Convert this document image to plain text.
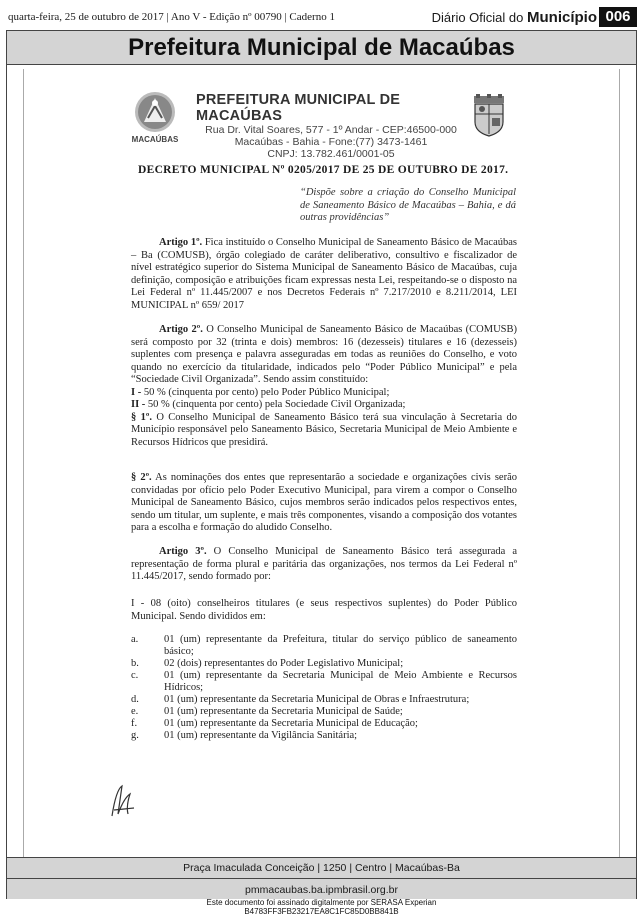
quarta-feira, 25 de outubro de 2017 | Ano V - Edição nº 00790 | Caderno 1	Diário Oficial do Município 006
Prefeitura Municipal de Macaúbas
Praça Imaculada Conceição | 1250 | Centro | Macaúbas-Ba
pmmacaubas.ba.ipmbrasil.org.br
MACAÚBAS
PREFEITURA MUNICIPAL DE MACAÚBAS
Rua Dr. Vital Soares, 577 - 1º Andar - CEP:46500-000
Macaúbas - Bahia - Fone:(77) 3473-1461
CNPJ: 13.782.461/0001-05
DECRETO MUNICIPAL Nº 0205/2017 DE 25 DE OUTUBRO DE 2017.
“Dispõe sobre a criação do Conselho Municipal de Saneamento Básico de Macaúbas – Bahia, e dá outras providências”
Artigo 1º. Fica instituído o Conselho Municipal de Saneamento Básico de Macaúbas – Ba (COMUSB), órgão colegiado de caráter deliberativo, consultivo e fiscalizador de nível estratégico superior do Sistema Municipal de Saneamento Básico de Macaúbas, cuja definição, composição e atribuições ficam expressas nesta Lei, respeitando-se o disposto na Lei Federal nº 11.445/2007 e nos Decretos Federais nº 7.217/2010 e 8.211/2014, LEI MUNICIPAL nº 659/ 2017
Artigo 2º. O Conselho Municipal de Saneamento Básico de Macaúbas (COMUSB) será composto por 32 (trinta e dois) membros: 16 (dezesseis) titulares e 16 (dezesseis) suplentes com presença e palavra asseguradas em todas as reuniões do Conselho, e voto quando no exercício da titularidade, indicados pelo “Poder Público Municipal” e pela “Sociedade Civil Organizada”. Sendo assim constituído:
I - 50 % (cinquenta por cento) pelo Poder Público Municipal;
II - 50 % (cinquenta por cento) pela Sociedade Civil Organizada;
§ 1º. O Conselho Municipal de Saneamento Básico terá sua vinculação à Secretaria do Município responsável pelo Saneamento Básico, Secretaria Municipal de Meio Ambiente e Recursos Hídricos que presidirá.
§ 2º. As nominações dos entes que representarão a sociedade e organizações civis serão convidadas por ofício pelo Poder Executivo Municipal, para virem a compor o Conselho Municipal de Saneamento Básico, cujos membros serão indicados pelos respectivos entes, sendo um titular, um suplente, e mais três componentes, visando a composição dos votantes para a escolha e formação do aludido Conselho.
Artigo 3º. O Conselho Municipal de Saneamento Básico terá assegurada a representação de forma plural e paritária das organizações, nos termos da Lei Federal nº 11.445/2017, sendo formado por:
I - 08 (oito) conselheiros titulares (e seus respectivos suplentes) do Poder Público Municipal. Sendo divididos em:
a.	01 (um) representante da Prefeitura, titular do serviço público de saneamento básico;
b.	02 (dois) representantes do Poder Legislativo Municipal;
c.	01 (um) representante da Secretaria Municipal de Meio Ambiente e Recursos Hídricos;
d.	01 (um) representante da Secretaria Municipal de Obras e Infraestrutura;
e.	01 (um) representante da Secretaria Municipal de Saúde;
f.	01 (um) representante da Secretaria Municipal de Educação;
g.	01 (um) representante da Vigilância Sanitária;
Este documento foi assinado digitalmente por SERASA Experian
B4783FF3FB23217EA8C1FC85D0BB841B
